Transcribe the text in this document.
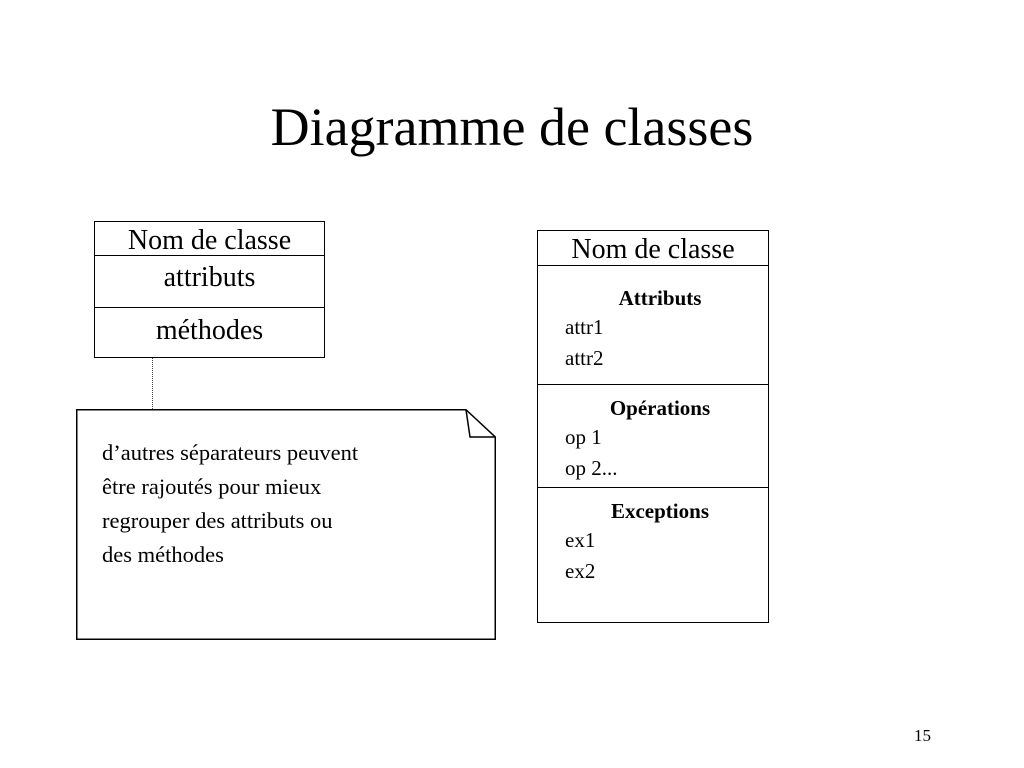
Diagramme de classes
Nom de classe
attributs
méthodes
d’autres séparateurs peuvent
être rajoutés pour mieux
regrouper des attributs ou
des méthodes
Nom de classe
Attributs
attr1
attr2
Opérations
op 1
op 2...
Exceptions
ex1
ex2
15
